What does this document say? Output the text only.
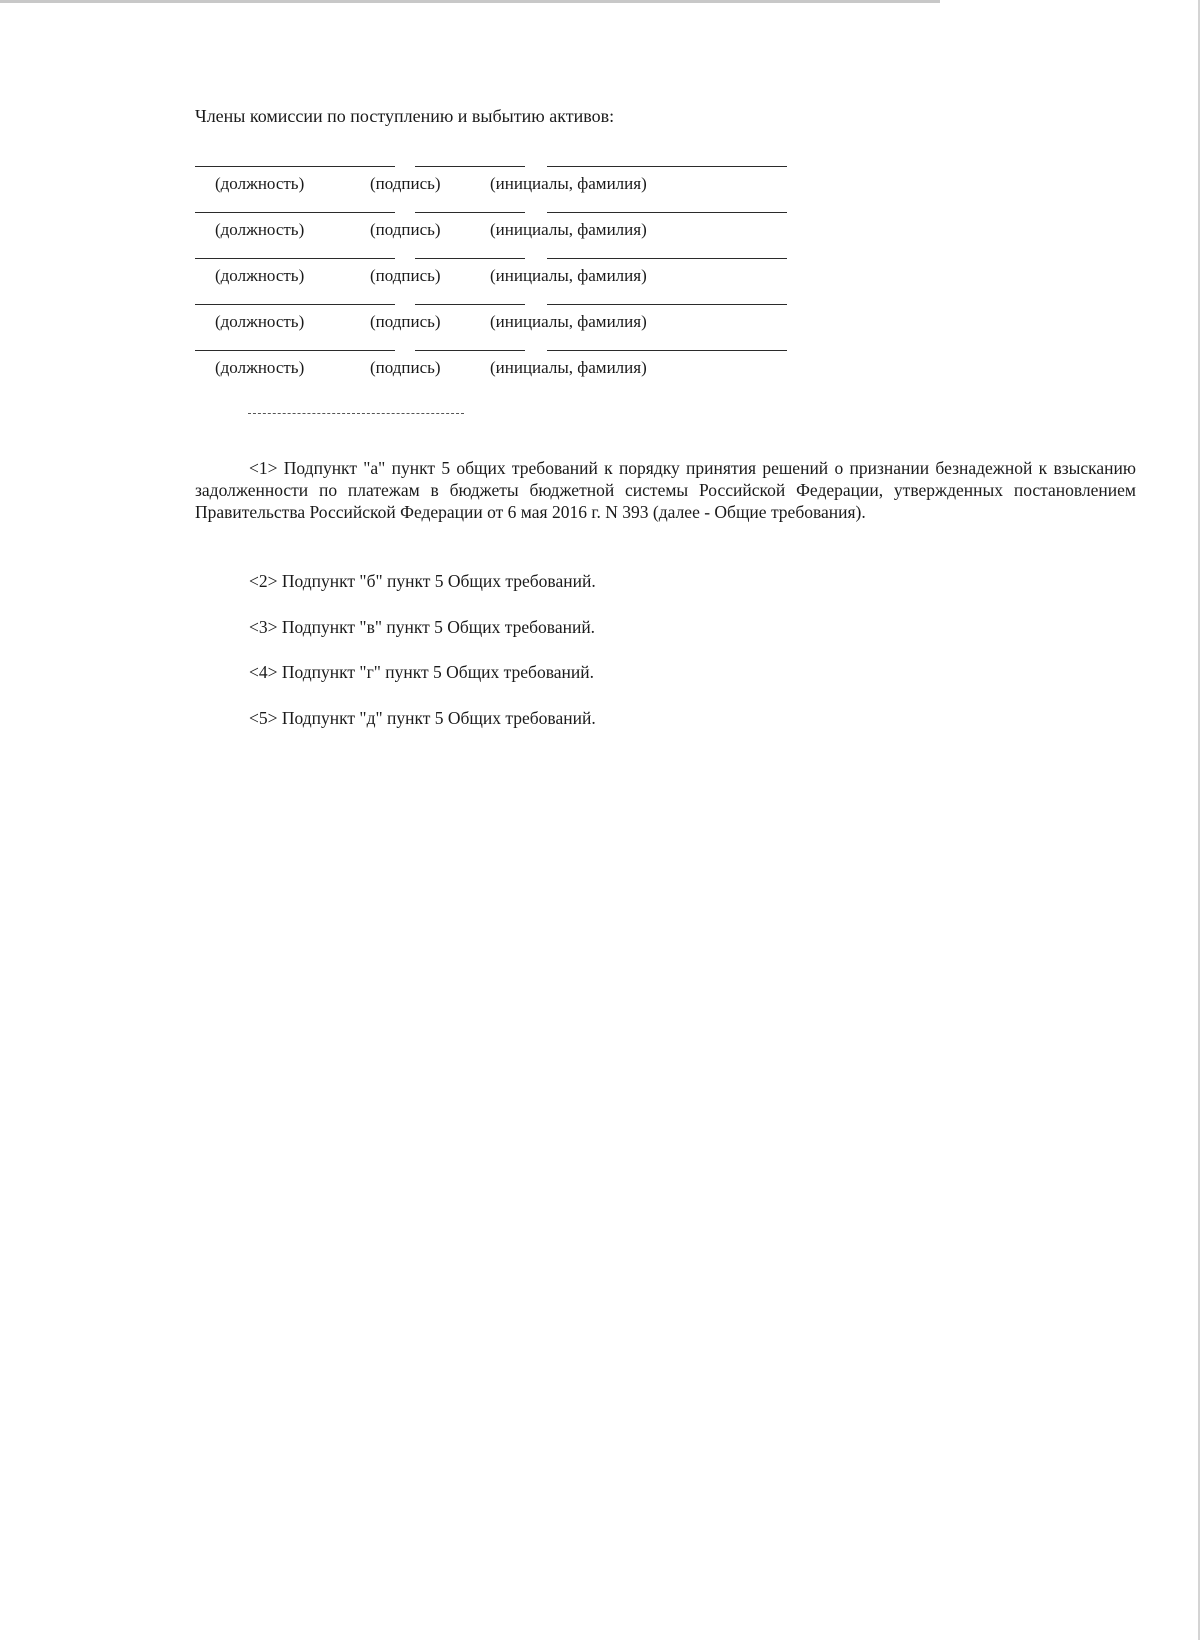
Члены комиссии по поступлению и выбытию активов:

(должность)	(подпись)	(инициалы, фамилия)
(должность)	(подпись)	(инициалы, фамилия)
(должность)	(подпись)	(инициалы, фамилия)
(должность)	(подпись)	(инициалы, фамилия)
(должность)	(подпись)	(инициалы, фамилия)

<1> Подпункт "а" пункт 5 общих требований к порядку принятия решений о признании безнадежной к взысканию задолженности по платежам в бюджеты бюджетной системы Российской Федерации, утвержденных постановлением Правительства Российской Федерации от 6 мая 2016 г. N 393 (далее - Общие требования).

<2> Подпункт "б" пункт 5 Общих требований.

<3> Подпункт "в" пункт 5 Общих требований.

<4> Подпункт "г" пункт 5 Общих требований.

<5> Подпункт "д" пункт 5 Общих требований.
